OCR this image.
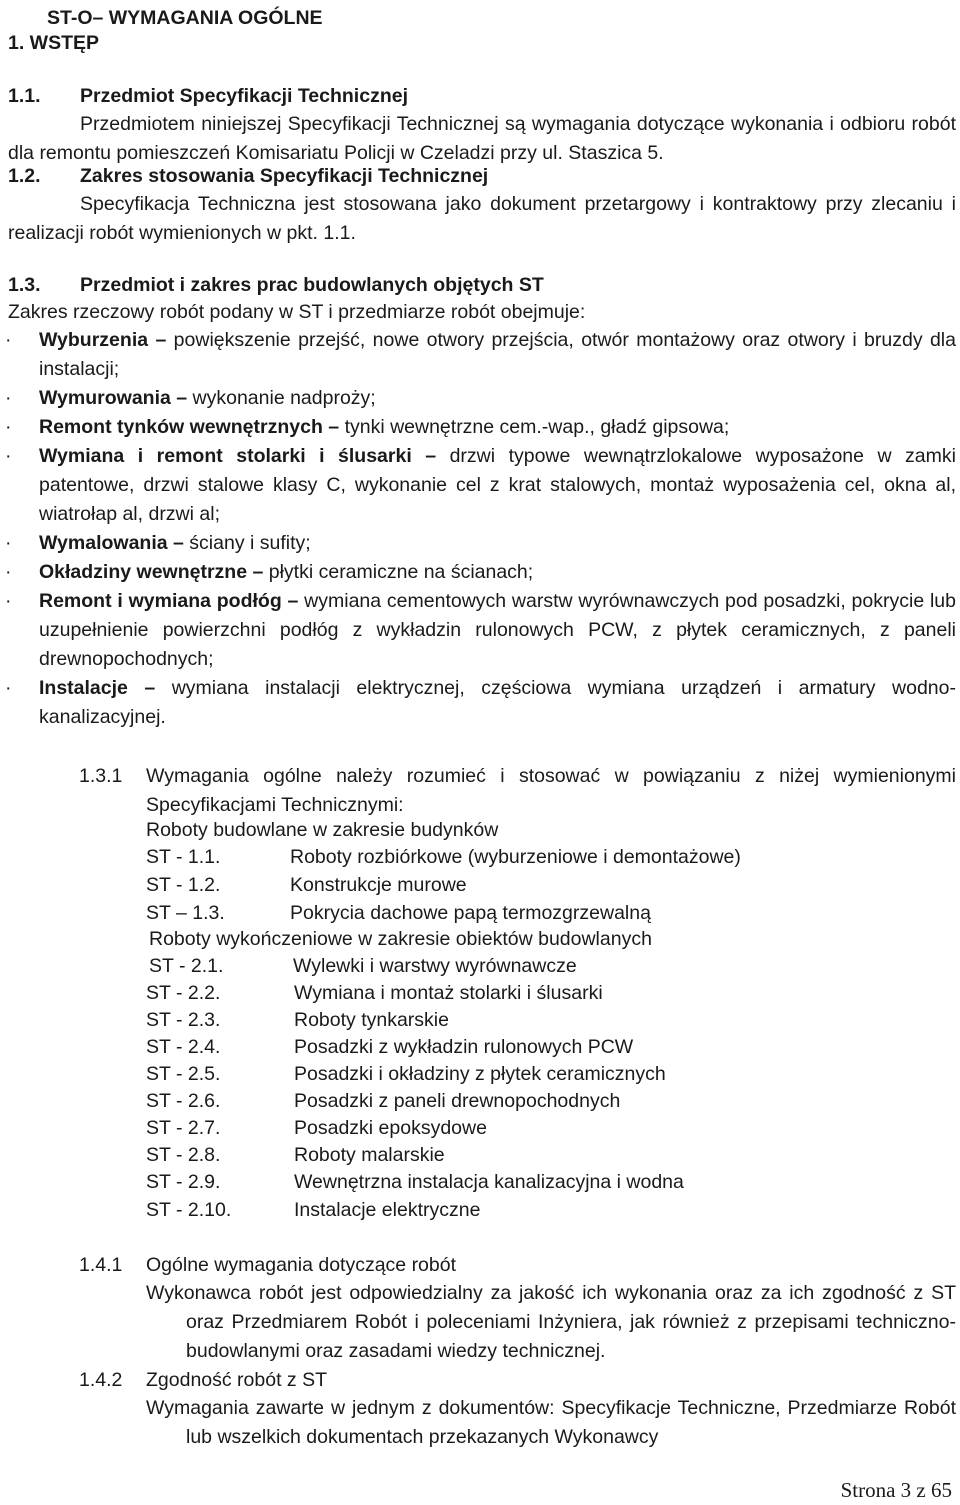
ST-O– WYMAGANIA OGÓLNE
1. WSTĘP
1.1. Przedmiot Specyfikacji Technicznej
Przedmiotem niniejszej Specyfikacji Technicznej są wymagania dotyczące wykonania i odbioru robót dla remontu pomieszczeń Komisariatu Policji w Czeladzi przy ul. Staszica 5.
1.2. Zakres stosowania Specyfikacji Technicznej
Specyfikacja Techniczna jest stosowana jako dokument przetargowy i kontraktowy przy zlecaniu i realizacji robót wymienionych w pkt. 1.1.
1.3. Przedmiot i zakres prac budowlanych objętych ST
Zakres rzeczowy robót podany w ST i przedmiarze robót obejmuje:
· Wyburzenia – powiększenie przejść, nowe otwory przejścia, otwór montażowy oraz otwory i bruzdy dla instalacji;
· Wymurowania – wykonanie nadproży;
· Remont tynków wewnętrznych – tynki wewnętrzne cem.-wap., gładź gipsowa;
· Wymiana i remont stolarki i ślusarki – drzwi typowe wewnątrzlokalowe wyposażone w zamki patentowe, drzwi stalowe klasy C, wykonanie cel z krat stalowych, montaż wyposażenia cel, okna al, wiatrołap al, drzwi al;
· Wymalowania – ściany i sufity;
· Okładziny wewnętrzne – płytki ceramiczne na ścianach;
· Remont i wymiana podłóg – wymiana cementowych warstw wyrównawczych pod posadzki, pokrycie lub uzupełnienie powierzchni podłóg z wykładzin rulonowych PCW, z płytek ceramicznych, z paneli drewnopochodnych;
· Instalacje – wymiana instalacji elektrycznej, częściowa wymiana urządzeń i armatury wodno-kanalizacyjnej.
1.3.1 Wymagania ogólne należy rozumieć i stosować w powiązaniu z niżej wymienionymi Specyfikacjami Technicznymi:
Roboty budowlane w zakresie budynków
ST - 1.1.	Roboty rozbiórkowe (wyburzeniowe i demontażowe)
ST - 1.2.	Konstrukcje murowe
ST – 1.3.	Pokrycia dachowe papą termozgrzewalną
Roboty wykończeniowe w zakresie obiektów budowlanych
ST - 2.1.	Wylewki i warstwy wyrównawcze
ST - 2.2.	Wymiana i montaż stolarki i ślusarki
ST - 2.3.	Roboty tynkarskie
ST - 2.4.	Posadzki z wykładzin rulonowych PCW
ST - 2.5.	Posadzki i okładziny z płytek ceramicznych
ST - 2.6.	Posadzki z paneli drewnopochodnych
ST - 2.7.	Posadzki epoksydowe
ST - 2.8.	Roboty malarskie
ST - 2.9.	Wewnętrzna instalacja kanalizacyjna i wodna
ST - 2.10.	Instalacje elektryczne
1.4.1 Ogólne wymagania dotyczące robót
Wykonawca robót jest odpowiedzialny za jakość ich wykonania oraz za ich zgodność z ST oraz Przedmiarem Robót i poleceniami Inżyniera, jak również z przepisami techniczno-budowlanymi oraz zasadami wiedzy technicznej.
1.4.2 Zgodność robót z ST
Wymagania zawarte w jednym z dokumentów: Specyfikacje Techniczne, Przedmiarze Robót lub wszelkich dokumentach przekazanych Wykonawcy
Strona 3 z 65
